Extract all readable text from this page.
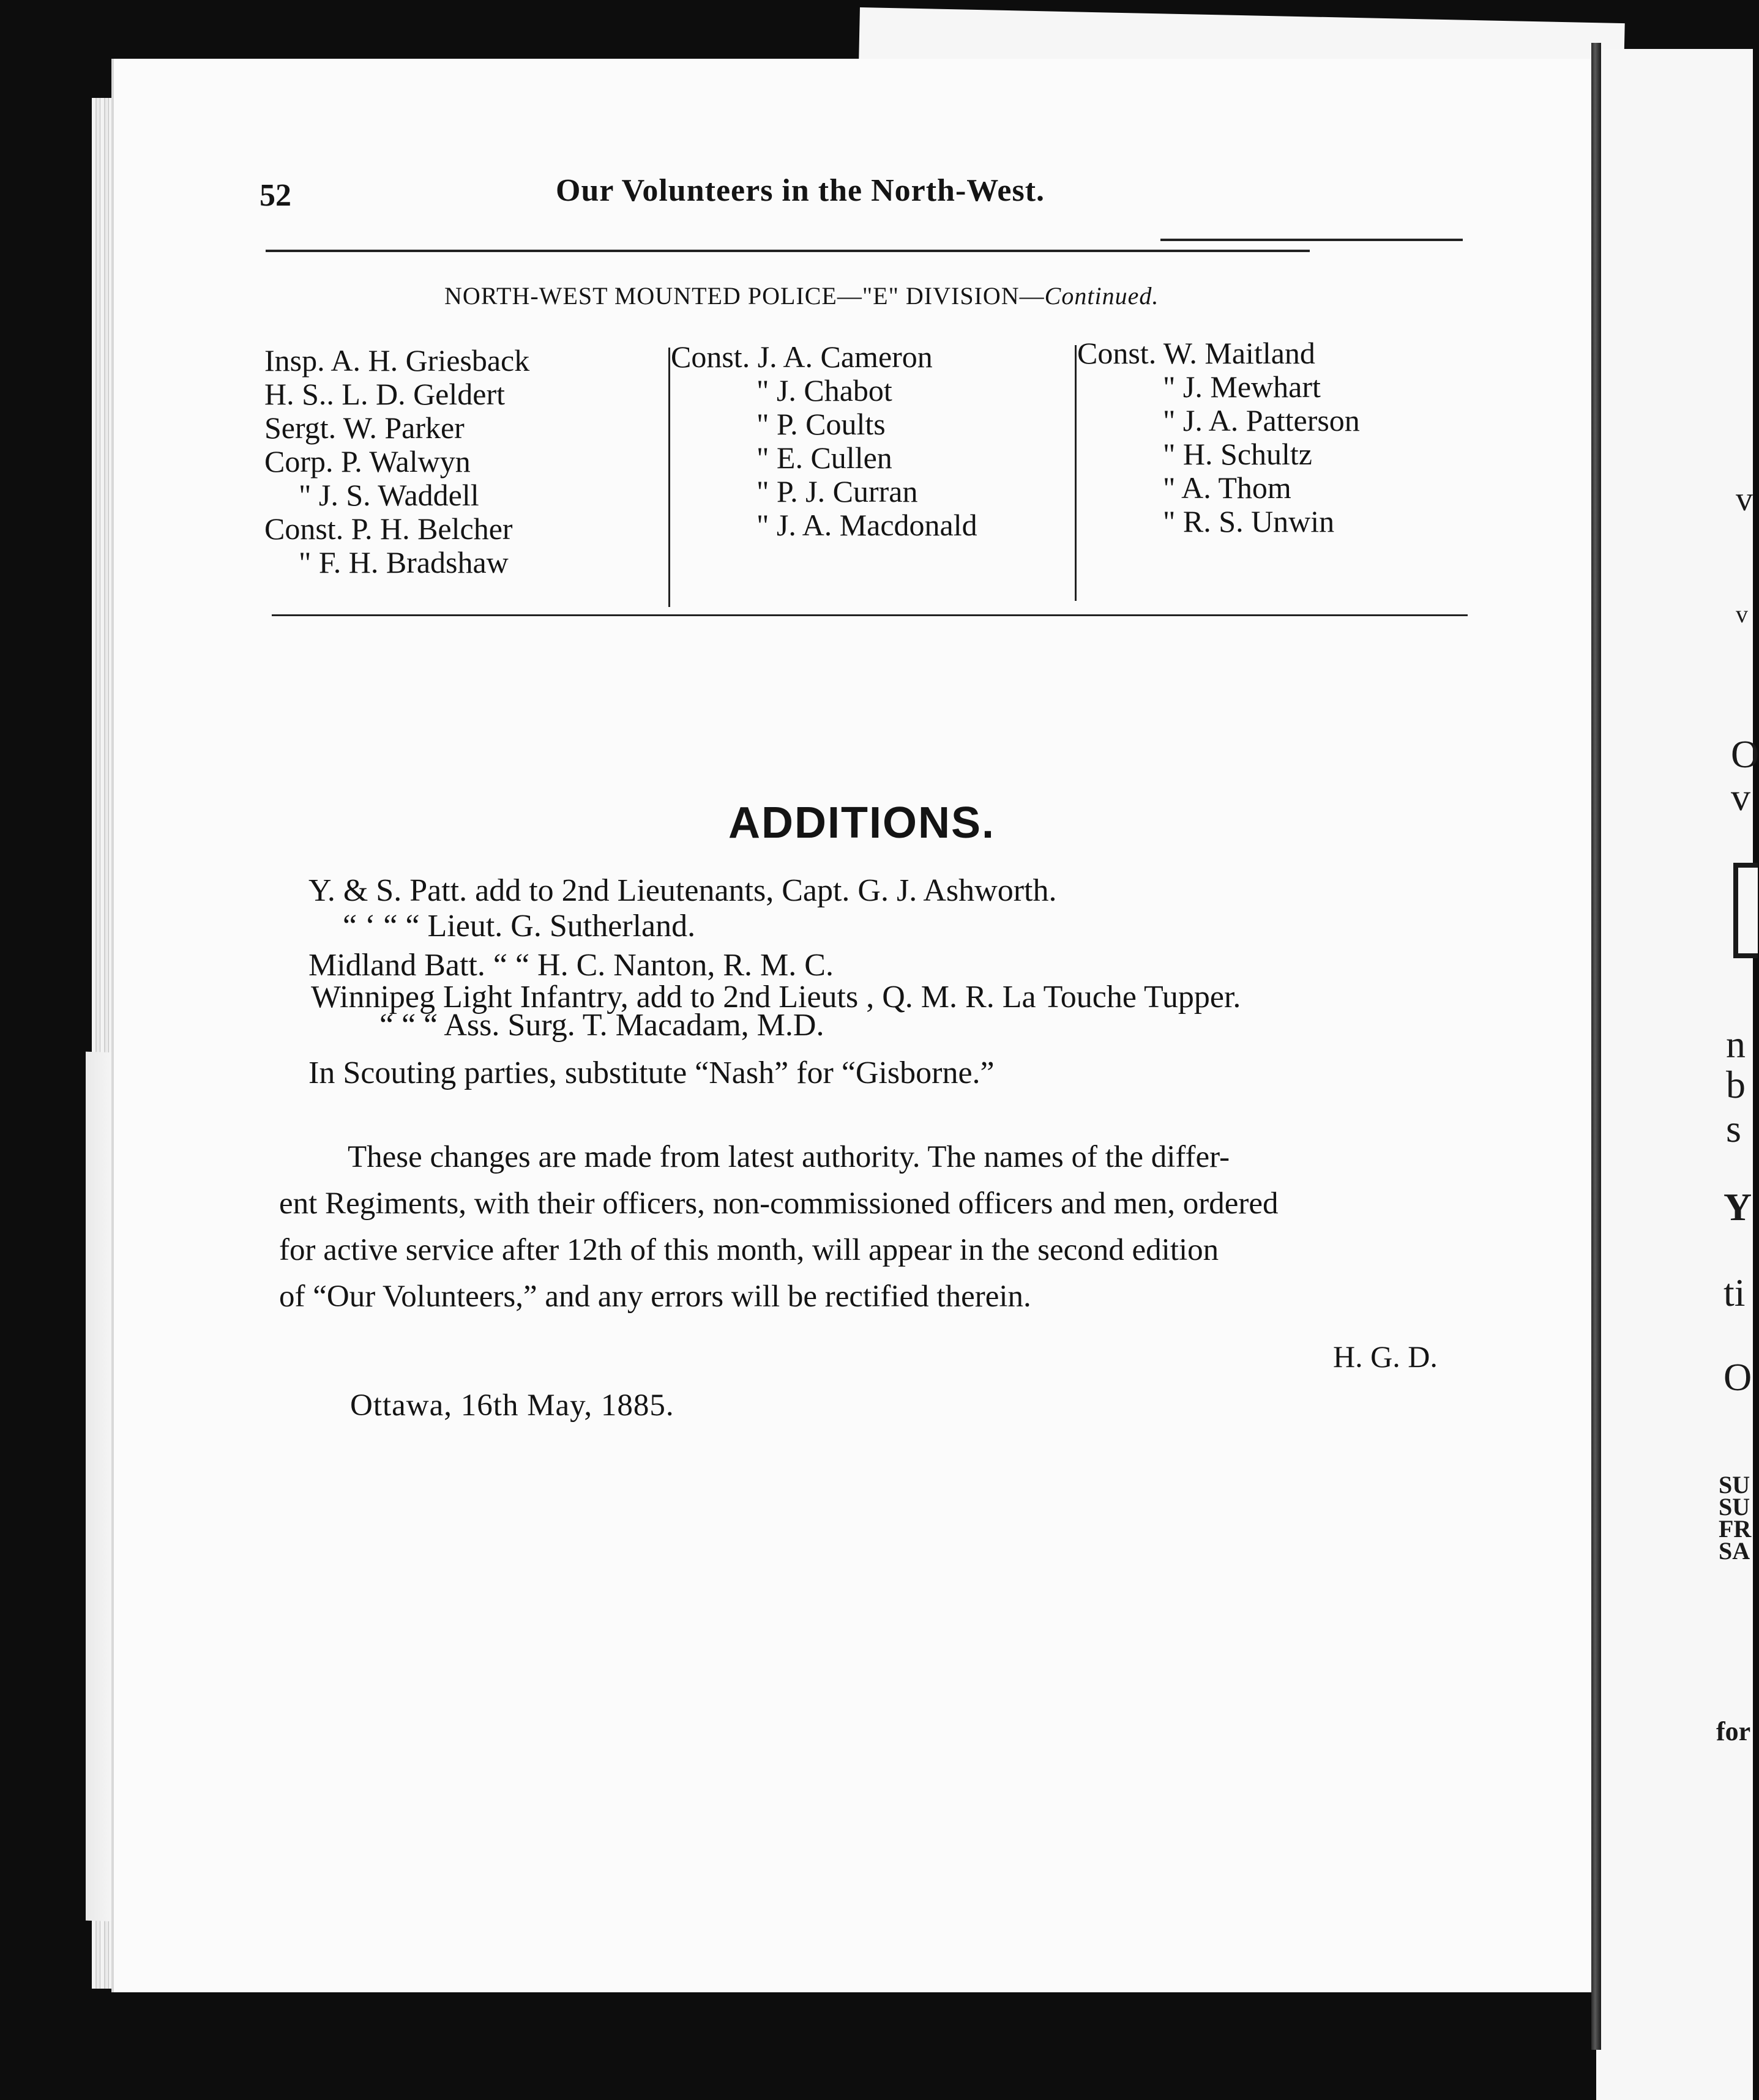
v
v
O
v
n
b
s
Y
ti
O
SU
SU
FR
SA
for
52	Our Volunteers in the North-West.
NORTH-WEST MOUNTED POLICE—"E" DIVISION—Continued.
Insp. A. H. Griesback
H. S.. L. D. Geldert
Sergt. W. Parker
Corp. P. Walwyn
" J. S. Waddell
Const. P. H. Belcher
" F. H. Bradshaw
Const. J. A. Cameron
" J. Chabot
" P. Coults
" E. Cullen
" P. J. Curran
" J. A. Macdonald
Const. W. Maitland
" J. Mewhart
" J. A. Patterson
" H. Schultz
" A. Thom
" R. S. Unwin
ADDITIONS.
Y. & S. Patt. add to 2nd Lieutenants, Capt. G. J. Ashworth.
“ ‘ “ “ Lieut. G. Sutherland.
Midland Batt. “ “ H. C. Nanton, R. M. C.
Winnipeg Light Infantry, add to 2nd Lieuts , Q. M. R. La Touche Tupper.
“ “ “ Ass. Surg. T. Macadam, M.D.
In Scouting parties, substitute “Nash” for “Gisborne.”
These changes are made from latest authority. The names of the differ-
ent Regiments, with their officers, non-commissioned officers and men, ordered
for active service after 12th of this month, will appear in the second edition
of “Our Volunteers,” and any errors will be rectified therein.
H. G. D.
Ottawa, 16th May, 1885.
